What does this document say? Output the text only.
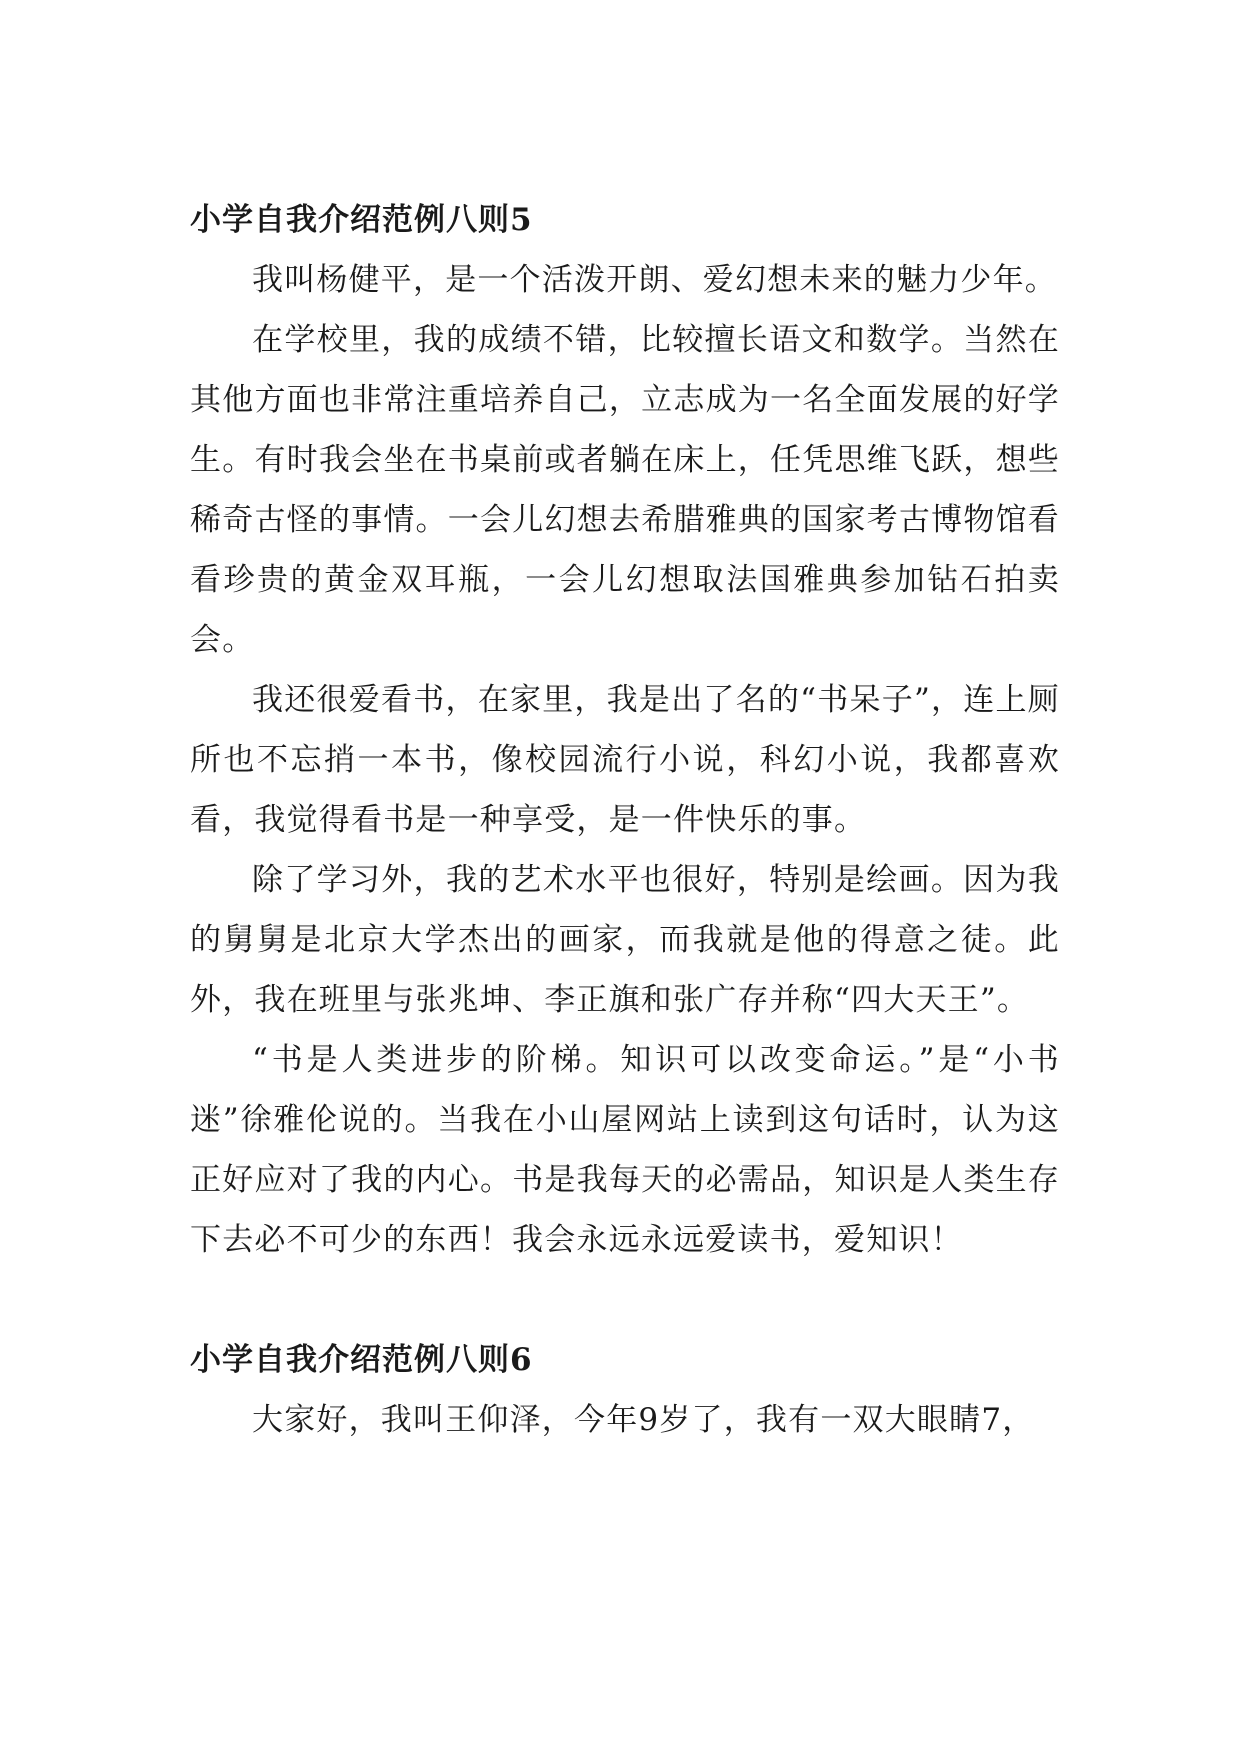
小学自我介绍范例八则5

我叫杨健平，是一个活泼开朗、爱幻想未来的魅力少年。

在学校里，我的成绩不错，比较擅长语文和数学。当然在其他方面也非常注重培养自己，立志成为一名全面发展的好学生。有时我会坐在书桌前或者躺在床上，任凭思维飞跃，想些稀奇古怪的事情。一会儿幻想去希腊雅典的国家考古博物馆看看珍贵的黄金双耳瓶，一会儿幻想取法国雅典参加钻石拍卖会。

我还很爱看书，在家里，我是出了名的“书呆子”，连上厕所也不忘捎一本书，像校园流行小说，科幻小说，我都喜欢看，我觉得看书是一种享受，是一件快乐的事。

除了学习外，我的艺术水平也很好，特别是绘画。因为我的舅舅是北京大学杰出的画家，而我就是他的得意之徒。此外，我在班里与张兆坤、李正旗和张广存并称“四大天王”。

“书是人类进步的阶梯。知识可以改变命运。”是“小书迷”徐雅伦说的。当我在小山屋网站上读到这句话时，认为这正好应对了我的内心。书是我每天的必需品，知识是人类生存下去必不可少的东西！我会永远永远爱读书，爱知识！

小学自我介绍范例八则6

大家好，我叫王仰泽，今年9岁了，我有一双大眼睛7，
